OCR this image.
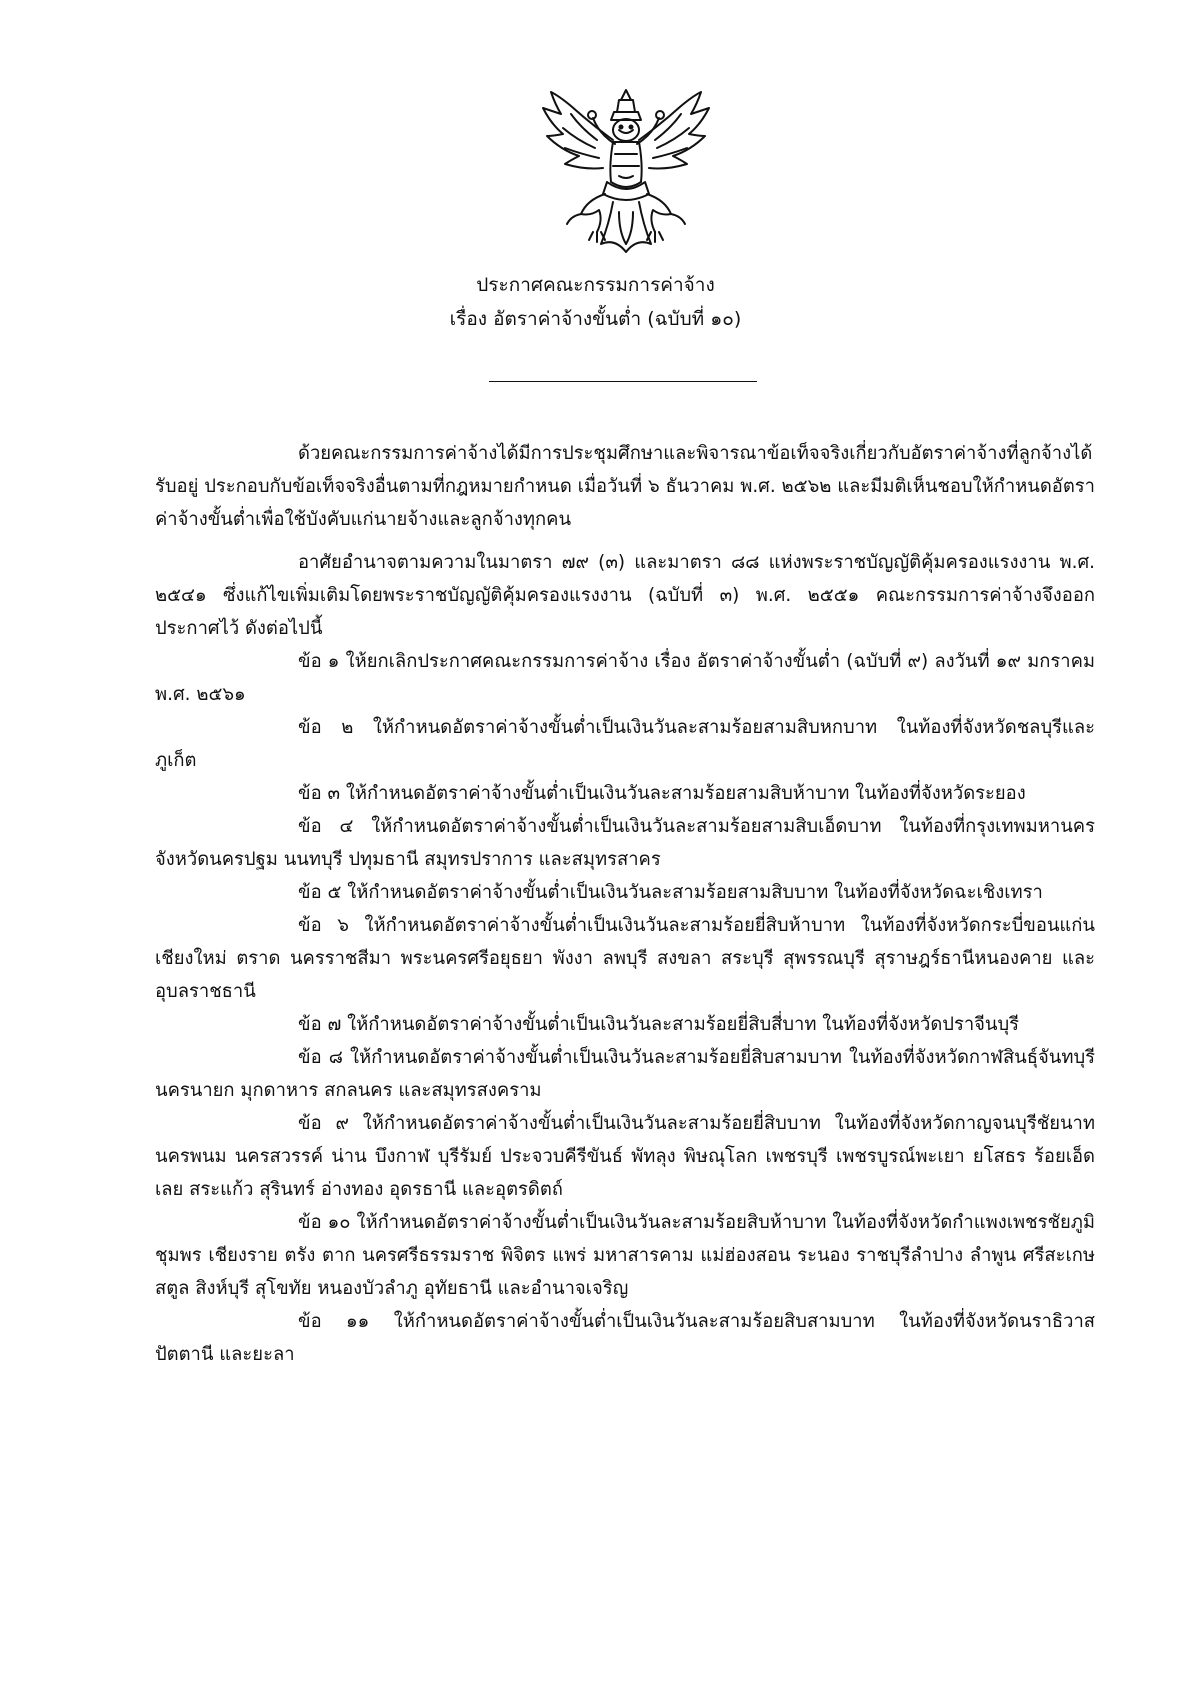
ประกาศคณะกรรมการค่าจ้าง
เรื่อง อัตราค่าจ้างขั้นต่ำ (ฉบับที่ ๑๐)

ด้วยคณะกรรมการค่าจ้างได้มีการประชุมศึกษาและพิจารณาข้อเท็จจริงเกี่ยวกับอัตราค่าจ้างที่ลูกจ้างได้รับอยู่ ประกอบกับข้อเท็จจริงอื่นตามที่กฎหมายกำหนด เมื่อวันที่ ๖ ธันวาคม พ.ศ. ๒๕๖๒ และมีมติเห็นชอบให้กำหนดอัตราค่าจ้างขั้นต่ำเพื่อใช้บังคับแก่นายจ้างและลูกจ้างทุกคน

อาศัยอำนาจตามความในมาตรา ๗๙ (๓) และมาตรา ๘๘ แห่งพระราชบัญญัติคุ้มครองแรงงาน พ.ศ. ๒๕๔๑ ซึ่งแก้ไขเพิ่มเติมโดยพระราชบัญญัติคุ้มครองแรงงาน (ฉบับที่ ๓) พ.ศ. ๒๕๕๑ คณะกรรมการค่าจ้างจึงออกประกาศไว้ ดังต่อไปนี้

ข้อ ๑ ให้ยกเลิกประกาศคณะกรรมการค่าจ้าง เรื่อง อัตราค่าจ้างขั้นต่ำ (ฉบับที่ ๙) ลงวันที่ ๑๙ มกราคม พ.ศ. ๒๕๖๑

ข้อ ๒ ให้กำหนดอัตราค่าจ้างขั้นต่ำเป็นเงินวันละสามร้อยสามสิบหกบาท ในท้องที่จังหวัดชลบุรีและภูเก็ต

ข้อ ๓ ให้กำหนดอัตราค่าจ้างขั้นต่ำเป็นเงินวันละสามร้อยสามสิบห้าบาท ในท้องที่จังหวัดระยอง

ข้อ ๔ ให้กำหนดอัตราค่าจ้างขั้นต่ำเป็นเงินวันละสามร้อยสามสิบเอ็ดบาท ในท้องที่กรุงเทพมหานครจังหวัดนครปฐม นนทบุรี ปทุมธานี สมุทรปราการ และสมุทรสาคร

ข้อ ๕ ให้กำหนดอัตราค่าจ้างขั้นต่ำเป็นเงินวันละสามร้อยสามสิบบาท ในท้องที่จังหวัดฉะเชิงเทรา

ข้อ ๖ ให้กำหนดอัตราค่าจ้างขั้นต่ำเป็นเงินวันละสามร้อยยี่สิบห้าบาท ในท้องที่จังหวัดกระบี่ขอนแก่น เชียงใหม่ ตราด นครราชสีมา พระนครศรีอยุธยา พังงา ลพบุรี สงขลา สระบุรี สุพรรณบุรี สุราษฎร์ธานีหนองคาย และอุบลราชธานี

ข้อ ๗ ให้กำหนดอัตราค่าจ้างขั้นต่ำเป็นเงินวันละสามร้อยยี่สิบสี่บาท ในท้องที่จังหวัดปราจีนบุรี

ข้อ ๘ ให้กำหนดอัตราค่าจ้างขั้นต่ำเป็นเงินวันละสามร้อยยี่สิบสามบาท ในท้องที่จังหวัดกาฬสินธุ์จันทบุรี นครนายก มุกดาหาร สกลนคร และสมุทรสงคราม

ข้อ ๙ ให้กำหนดอัตราค่าจ้างขั้นต่ำเป็นเงินวันละสามร้อยยี่สิบบาท ในท้องที่จังหวัดกาญจนบุรีชัยนาท นครพนม นครสวรรค์ น่าน บึงกาฬ บุรีรัมย์ ประจวบคีรีขันธ์ พัทลุง พิษณุโลก เพชรบุรี เพชรบูรณ์พะเยา ยโสธร ร้อยเอ็ด เลย สระแก้ว สุรินทร์ อ่างทอง อุดรธานี และอุตรดิตถ์

ข้อ ๑๐ ให้กำหนดอัตราค่าจ้างขั้นต่ำเป็นเงินวันละสามร้อยสิบห้าบาท ในท้องที่จังหวัดกำแพงเพชรชัยภูมิ ชุมพร เชียงราย ตรัง ตาก นครศรีธรรมราช พิจิตร แพร่ มหาสารคาม แม่ฮ่องสอน ระนอง ราชบุรีลำปาง ลำพูน ศรีสะเกษ สตูล สิงห์บุรี สุโขทัย หนองบัวลำภู อุทัยธานี และอำนาจเจริญ

ข้อ ๑๑ ให้กำหนดอัตราค่าจ้างขั้นต่ำเป็นเงินวันละสามร้อยสิบสามบาท ในท้องที่จังหวัดนราธิวาสปัตตานี และยะลา
